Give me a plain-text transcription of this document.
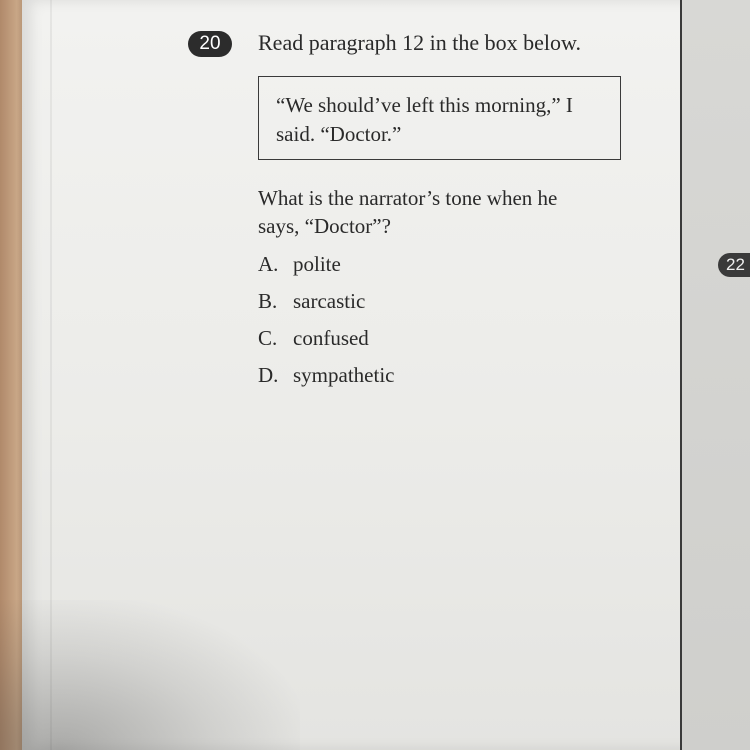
20	Read paragraph 12 in the box below.
“We should’ve left this morning,” I
said. “Doctor.”
What is the narrator’s tone when he
says, “Doctor”?
A. polite
B. sarcastic
C. confused
D. sympathetic
22
